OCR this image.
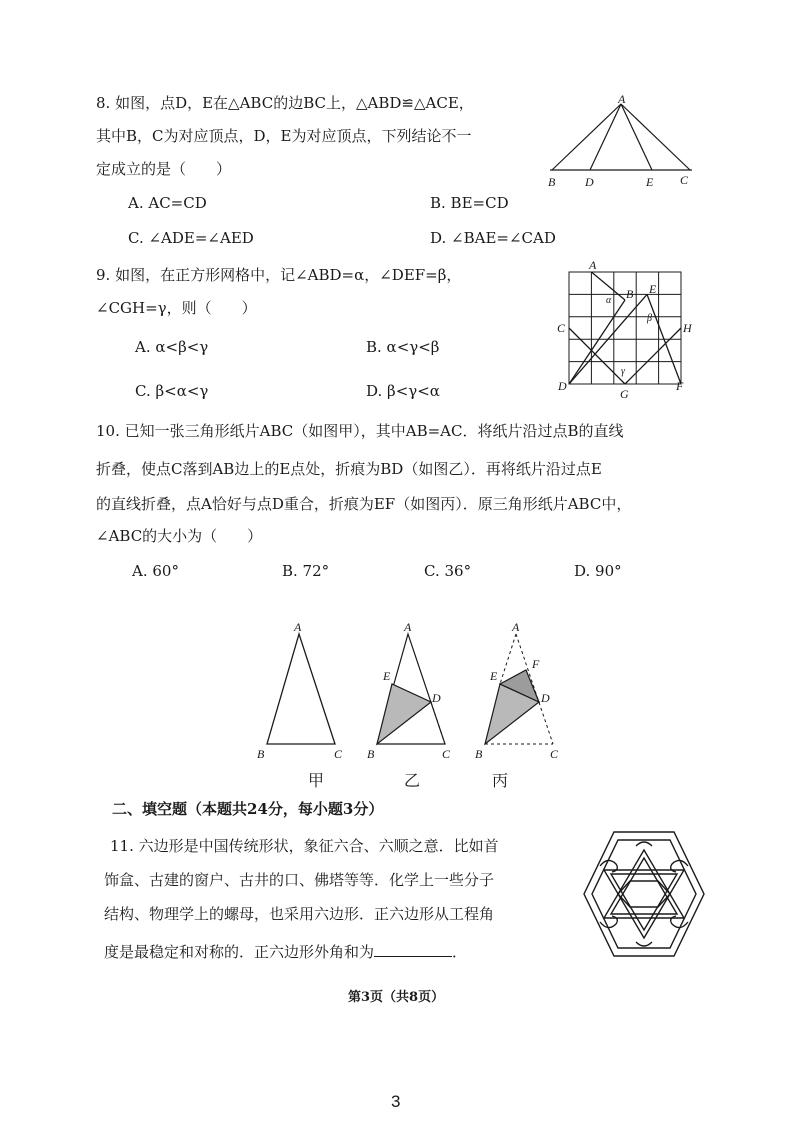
8. 如图，点D，E在△ABC的边BC上，△ABD≌△ACE，
其中B，C为对应顶点，D，E为对应顶点，下列结论不一
定成立的是（　　）
A. AC=CD	B. BE=CD
C. ∠ADE=∠AED	D. ∠BAE=∠CAD
A
B D	E C
9. 如图，在正方形网格中，记∠ABD=α，∠DEF=β，
∠CGH=γ，则（　　）
A. α<β<γ	B. α<γ<β
C. β<α<γ	D. β<γ<α
A
B E
C	H
D
G
F
α
β
γ
10. 已知一张三角形纸片ABC（如图甲），其中AB=AC．将纸片沿过点B的直线
折叠，使点C落到AB边上的E点处，折痕为BD（如图乙）．再将纸片沿过点E
的直线折叠，点A恰好与点D重合，折痕为EF（如图丙）．原三角形纸片ABC中，
∠ABC的大小为（　　）
A. 60°	B. 72°	C. 36°	D. 90°
A
B	C
A
E
D
B	C
A
E
F
D
B	C
甲	乙	丙
二、填空题（本题共24分，每小题3分）
11. 六边形是中国传统形状，象征六合、六顺之意．比如首
饰盒、古建的窗户、古井的口、佛塔等等．化学上一些分子
结构、物理学上的螺母，也采用六边形．正六边形从工程角
度是最稳定和对称的．正六边形外角和为	．
第3页（共8页）
3
